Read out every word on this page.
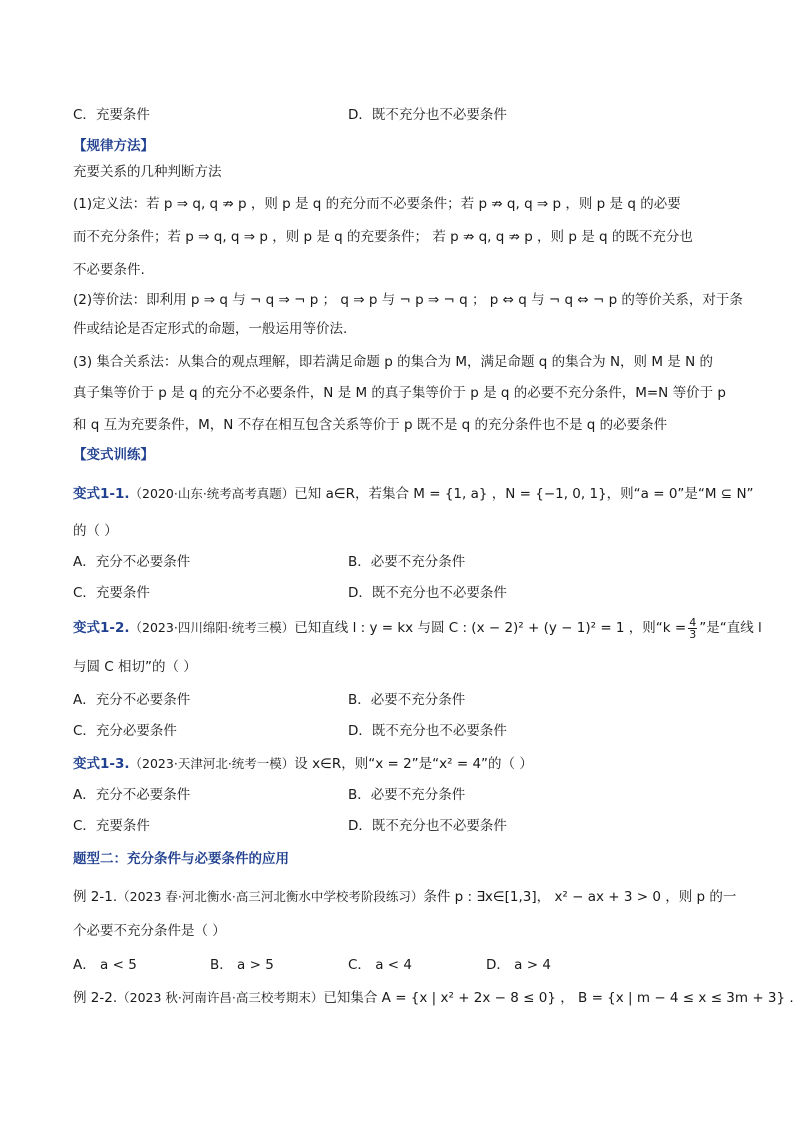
C．充要条件	D．既不充分也不必要条件
【规律方法】
充要关系的几种判断方法
(1)定义法：若 p ⇒ q, q ⇏ p ，则 p 是 q 的充分而不必要条件；若 p ⇏ q, q ⇒ p ，则 p 是 q 的必要
而不充分条件；若 p ⇒ q, q ⇒ p ，则 p 是 q 的充要条件； 若 p ⇏ q, q ⇏ p ，则 p 是 q 的既不充分也
不必要条件.
(2)等价法：即利用 p ⇒ q 与 ¬ q ⇒ ¬ p ； q ⇒ p 与 ¬ p ⇒ ¬ q ； p ⇔ q 与 ¬ q ⇔ ¬ p 的等价关系，对于条
件或结论是否定形式的命题，一般运用等价法.
(3) 集合关系法：从集合的观点理解，即若满足命题 p 的集合为 M，满足命题 q 的集合为 N，则 M 是 N 的
真子集等价于 p 是 q 的充分不必要条件，N 是 M 的真子集等价于 p 是 q 的必要不充分条件，M=N 等价于 p
和 q 互为充要条件，M，N 不存在相互包含关系等价于 p 既不是 q 的充分条件也不是 q 的必要条件
【变式训练】
变式1-1.（2020·山东·统考高考真题）已知 a∈R，若集合 M = {1, a} ，N = {−1, 0, 1}，则“a = 0”是“M ⊆ N”
的（ ）
A．充分不必要条件	B．必要不充分条件
C．充要条件	D．既不充分也不必要条件
变式1-2.（2023·四川绵阳·统考三模）已知直线 l : y = kx 与圆 C : (x − 2)² + (y − 1)² = 1 ，则“$k = \frac{4}{3}$ ”是“直线 l
与圆 C 相切”的（ ）
A．充分不必要条件	B．必要不充分条件
C．充分必要条件	D．既不充分也不必要条件
变式1-3.（2023·天津河北·统考一模）设 x∈R，则“x = 2”是“x² = 4”的（ ）
A．充分不必要条件	B．必要不充分条件
C．充要条件	D．既不充分也不必要条件
题型二：充分条件与必要条件的应用
例 2-1.（2023 春·河北衡水·高三河北衡水中学校考阶段练习）条件 p : ∃x∈[1,3]， x² − ax + 3 > 0 ，则 p 的一
个必要不充分条件是（ ）
A． a < 5	B． a > 5	C． a < 4	D． a > 4
例 2-2.（2023 秋·河南许昌·高三校考期末）已知集合 A = {x | x² + 2x − 8 ≤ 0} ， B = {x | m − 4 ≤ x ≤ 3m + 3} .
